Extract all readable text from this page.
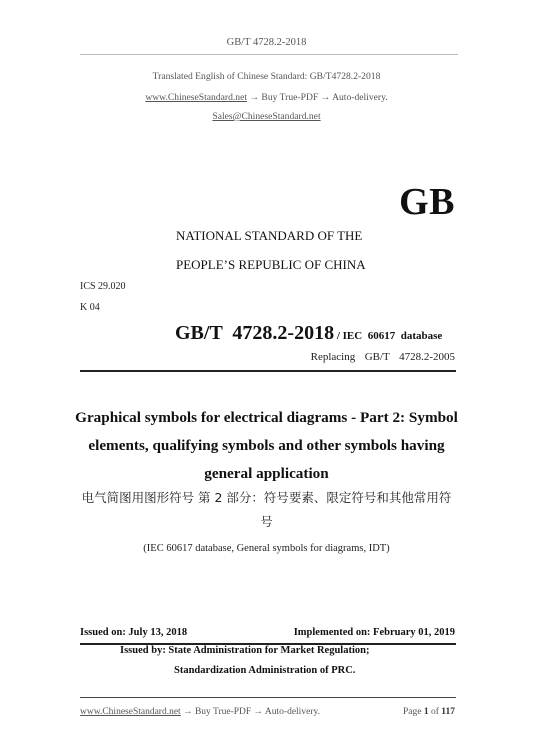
GB/T 4728.2-2018
Translated English of Chinese Standard: GB/T4728.2-2018
www.ChineseStandard.net → Buy True-PDF → Auto-delivery.
Sales@ChineseStandard.net
GB
NATIONAL STANDARD OF THE
PEOPLE’S REPUBLIC OF CHINA
ICS 29.020
K 04
GB/T  4728.2-2018 / IEC  60617  database
Replacing  GB/T  4728.2-2005
Graphical symbols for electrical diagrams - Part 2: Symbol
elements, qualifying symbols and other symbols having
general application
电气简图用图形符号 第 2 部分：符号要素、限定符号和其他常用符
号
(IEC 60617 database, General symbols for diagrams, IDT)
Issued on: July 13, 2018	Implemented on: February 01, 2019
Issued by: State Administration for Market Regulation;
Standardization Administration of PRC.
www.ChineseStandard.net → Buy True-PDF → Auto-delivery.	Page 1 of 117
